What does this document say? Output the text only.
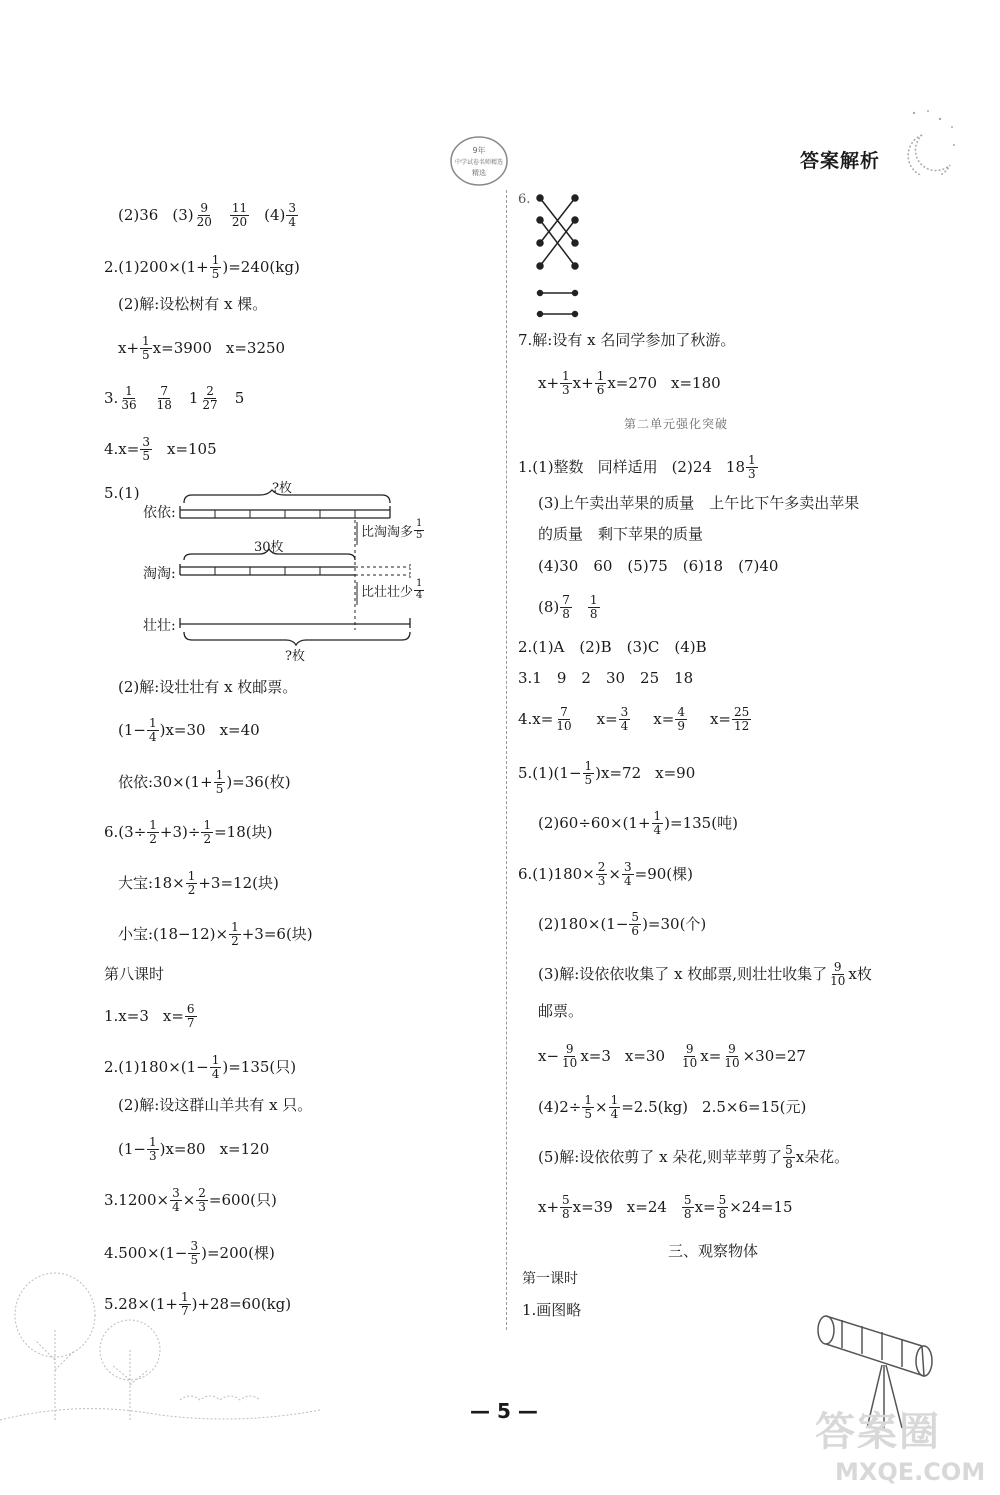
9年
中学试卷名师精选
精选
答案解析
(2)36 $(3) \frac{9}{20} \frac{11}{20} (4) \frac{3}{4}$
$2.(1)200\times(1+ \frac{1}{5} )=240(kg)$
(2)解:设松树有 x 棵。
$x+ \frac{1}{5} x=3900$ x=3250
3. $\frac{1}{36} \frac{7}{18} 1 \frac{2}{27} 5$
$4.x= \frac{3}{5} x=105$
5.(1)	?枚
依依:
30枚
淘淘:
壮壮:
?枚
比淘淘多 $\frac{1}{5}$
比壮壮少 $\frac{1}{4}$
(2)解:设壮壮有 x 枚邮票。
$(1- \frac{1}{4} )x=30$ x=40
依依:30×(1+ $\frac{1}{5} )=36$(枚)
$6.(3\div \frac{1}{2} +3)\div \frac{1}{2} =18$(块)
大宝:18× $\frac{1}{2} +3=12$(块)
小宝:(18−12)× $\frac{1}{2} +3=6$(块)
第八课时
1.x=3 $x= \frac{6}{7}$
$2.(1)180\times(1- \frac{1}{4} )=135$(只)
(2)解:设这群山羊共有 x 只。
$(1- \frac{1}{3} )x=80$ x=120
$3.1200\times \frac{3}{4} \times \frac{2}{3} =600$(只)
$4.500\times(1- \frac{3}{5} )=200$(棵)
$5.28\times(1+ \frac{1}{7} )+28=60(kg)$
6.
7.解:设有 x 名同学参加了秋游。
$x+ \frac{1}{3} x+ \frac{1}{6} x=270$ x=180
第二单元强化突破
1.(1)整数 同样适用 (2)24 $18 \frac{1}{3}$
(3)上午卖出苹果的质量　上午比下午多卖出苹果
的质量　剩下苹果的质量
(4)30　60　(5)75　(6)18　(7)40
$(8) \frac{7}{8} \frac{1}{8}$
2.(1)A　(2)B　(3)C　(4)B
3.1　9　2　30　25　18
$4.x= \frac{7}{10} x= \frac{3}{4} x= \frac{4}{9} x= \frac{25}{12}$
$5.(1)(1- \frac{1}{5} )x=72$ x=90
$(2)60\div 60\times(1+ \frac{1}{4} )=135$(吨)
$6.(1)180\times \frac{2}{3} \times \frac{3}{4} =90$(棵)
$(2)180\times(1- \frac{5}{6} )=30$(个)
(3)解:设依依收集了 x 枚邮票,则壮壮收集了 $\frac{9}{10}$ x枚
邮票。
$x- \frac{9}{10} x=3$ $x=30 \frac{9}{10} x= \frac{9}{10} \times 30=27$
$(4)2\div \frac{1}{5} \times \frac{1}{4} =2.5(kg)$ 2.5×6=15(元)
(5)解:设依依剪了 x 朵花,则苹苹剪了 $\frac{5}{8}$ x朵花。
$x+ \frac{5}{8} x=39$ $x=24 \frac{5}{8} x= \frac{5}{8} \times 24=15$
三、观察物体
第一课时
1.画图略
— 5 —	答案圈
MXQE.COM
